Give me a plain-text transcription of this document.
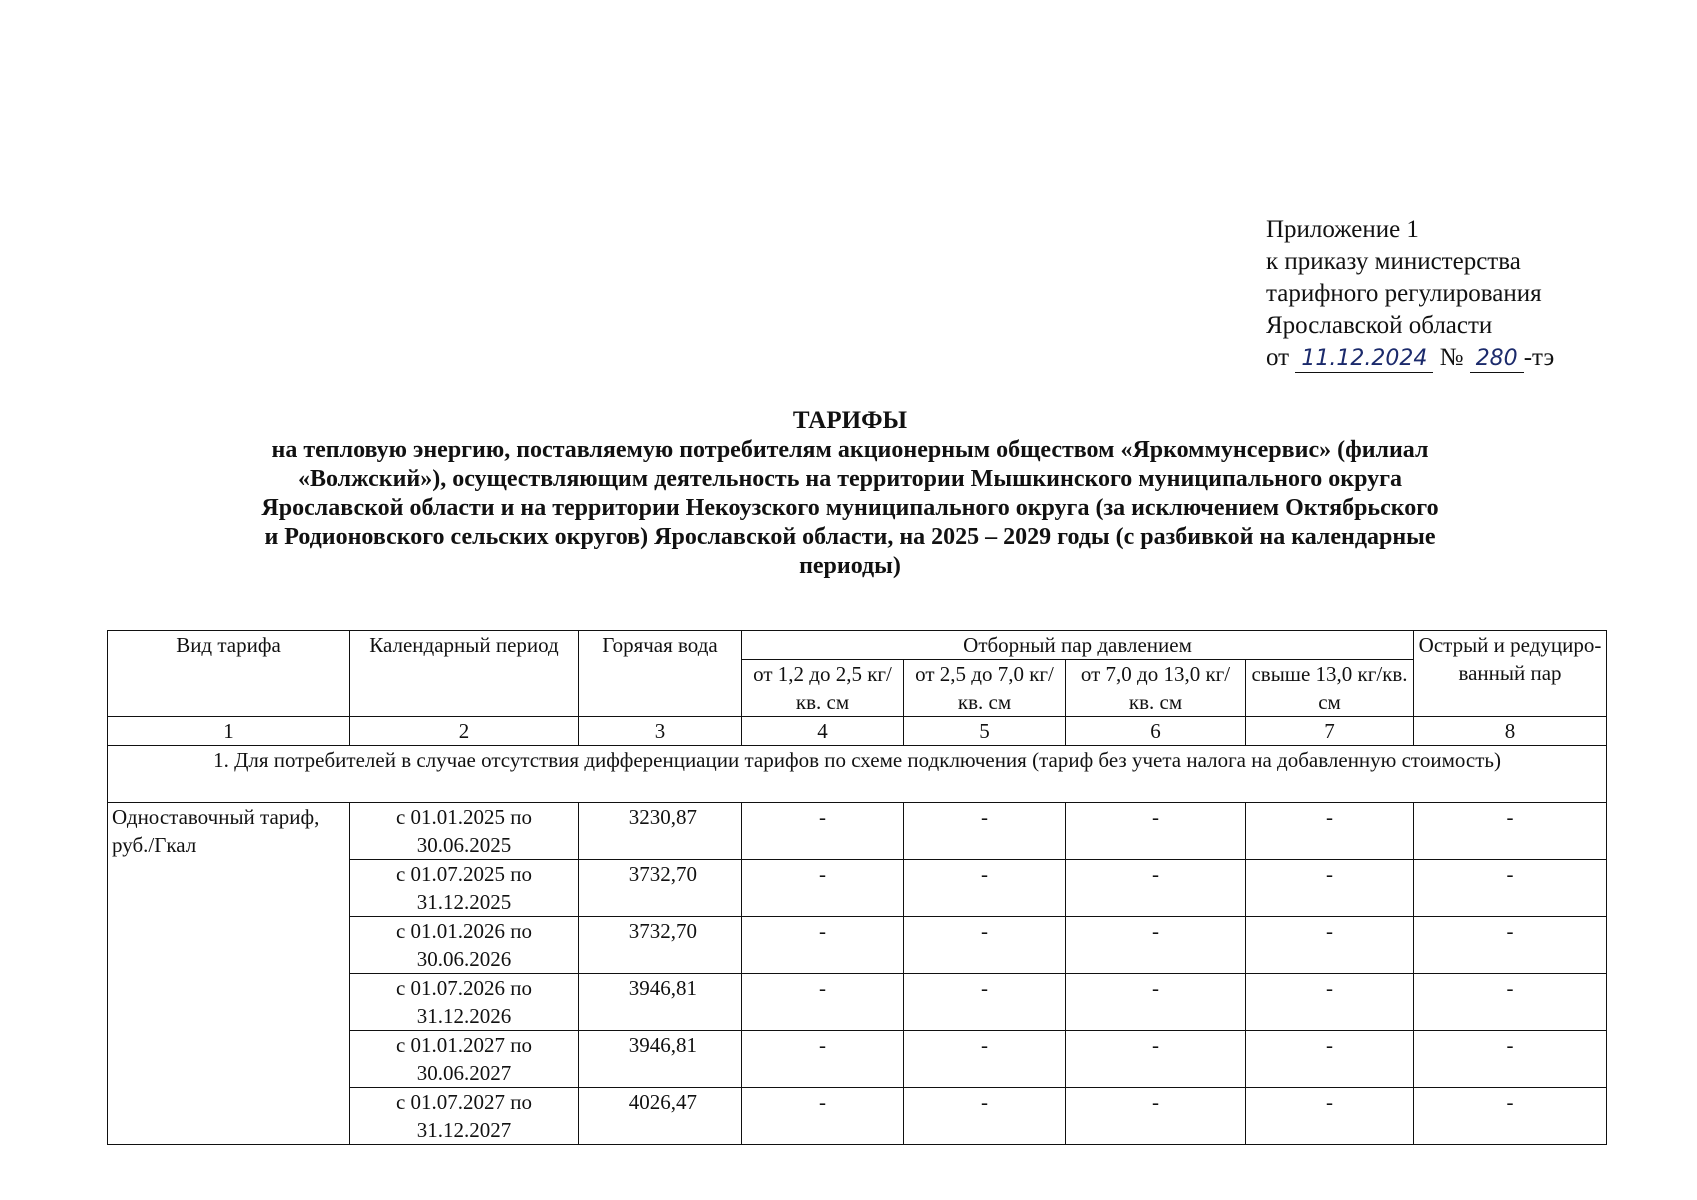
Приложение 1
к приказу министерства
тарифного регулирования
Ярославской области
от 11.12.2024 № 280 -тэ
ТАРИФЫ
на тепловую энергию, поставляемую потребителям акционерным обществом «Яркоммунсервис» (филиал
«Волжский»), осуществляющим деятельность на территории Мышкинского муниципального округа
Ярославской области и на территории Некоузского муниципального округа (за исключением Октябрьского
и Родионовского сельских округов) Ярославской области, на 2025 – 2029 годы (с разбивкой на календарные
периоды)
Вид тарифа	Календарный период	Горячая вода	Отборный пар давлением				Острый и редуциро-ванный пар
			от 1,2 до 2,5 кг/кв. см	от 2,5 до 7,0 кг/кв. см	от 7,0 до 13,0 кг/кв. см	свыше 13,0 кг/кв. см	
1	2	3	4	5	6	7	8
1. Для потребителей в случае отсутствия дифференциации тарифов по схеме подключения (тариф без учета налога на добавленную стоимость)							
Одноставочный тариф, руб./Гкал	с 01.01.2025 по 30.06.2025	3230,87	-	-	-	-	-
	с 01.07.2025 по 31.12.2025	3732,70	-	-	-	-	-
	с 01.01.2026 по 30.06.2026	3732,70	-	-	-	-	-
	с 01.07.2026 по 31.12.2026	3946,81	-	-	-	-	-
	с 01.01.2027 по 30.06.2027	3946,81	-	-	-	-	-
	с 01.07.2027 по 31.12.2027	4026,47	-	-	-	-	-
